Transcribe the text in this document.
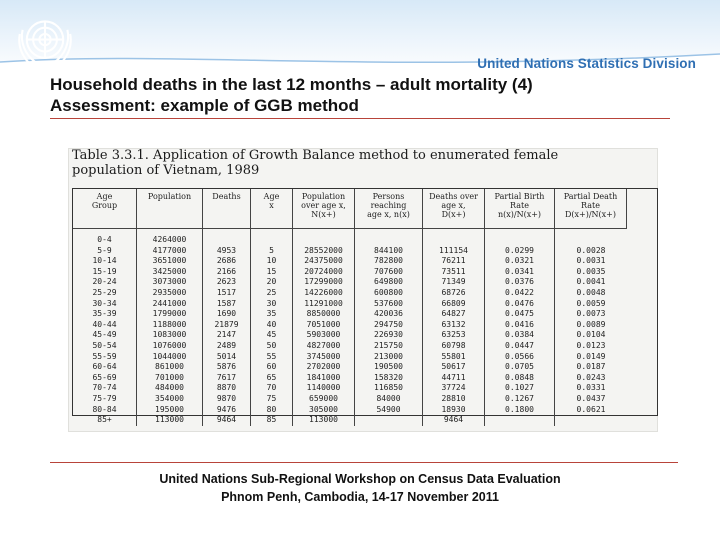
United Nations Statistics Division
Household deaths in the last 12 months – adult mortality (4)
Assessment: example of GGB method
Table 3.3.1. Application of Growth Balance method to enumerated female
population of Vietnam, 1989
Age
Group
Population	Deaths	Age
x
Population
over age x,
N(x+)
Persons
reaching
age x, n(x)
Deaths over
age x,
D(x+)
Partial Birth
Rate
n(x)/N(x+)
Partial Death
Rate
D(x+)/N(x+)
0-4
5-9
10-14
15-19
20-24
25-29
30-34
35-39
40-44
45-49
50-54
55-59
60-64
65-69
70-74
75-79
80-84
85+
4264000
4177000
3651000
3425000
3073000
2935000
2441000
1799000
1188000
1083000
1076000
1044000
861000
701000
484000
354000
195000
113000
4953
2686
2166
2623
1517
1587
1690
21879
2147
2489
5014
5876
7617
8870
9870
9476
9464
5
10
15
20
25
30
35
40
45
50
55
60
65
70
75
80
85
28552000
24375000
20724000
17299000
14226000
11291000
8850000
7051000
5903000
4827000
3745000
2702000
1841000
1140000
659000
305000
113000
844100
782800
707600
649800
600800
537600
420036
294750
226930
215750
213000
190500
158320
116850
84000
54900
111154
76211
73511
71349
68726
66809
64827
63132
63253
60798
55801
50617
44711
37724
28810
18930
9464
0.0299
0.0321
0.0341
0.0376
0.0422
0.0476
0.0475
0.0416
0.0384
0.0447
0.0566
0.0705
0.0848
0.1027
0.1267
0.1800
0.0028
0.0031
0.0035
0.0041
0.0048
0.0059
0.0073
0.0089
0.0104
0.0123
0.0149
0.0187
0.0243
0.0331
0.0437
0.0621
United Nations Sub-Regional Workshop on Census Data Evaluation
Phnom Penh, Cambodia, 14-17 November 2011
